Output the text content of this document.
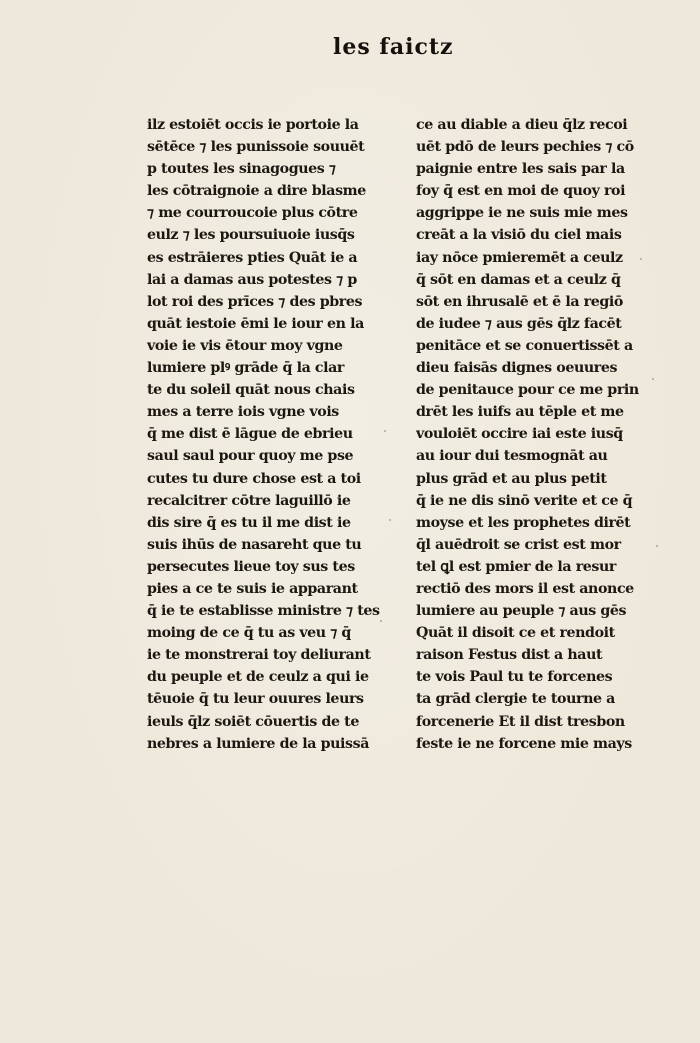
les faictz
ilz estoiēt occis ie portoie la
sētēce ⁊ les punissoie souuēt
p toutes les sinagogues ⁊
les cōtraignoie a dire blasme
⁊ me courroucoie plus cōtre
eulz ⁊ les poursuiuoie iusq̄s
es estrāieres pties Quāt ie a
lai a damas aus potestes ⁊ p
lot roi des prīces ⁊ des pbres
quāt iestoie ēmi le iour en la
voie ie vis ētour moy vgne
lumiere plꝰ grāde q̄ la clar
te du soleil quāt nous chais
mes a terre iois vgne vois
q̄ me dist ē lāgue de ebrieu
saul saul pour quoy me pse
cutes tu dure chose est a toi
recalcitrer cōtre laguillō ie
dis sire q̄ es tu il me dist ie
suis ihūs de nasareht que tu
persecutes lieue toy sus tes
pies a ce te suis ie apparant
q̄ ie te establisse ministre ⁊ tes
moing de ce q̄ tu as veu ⁊ q̄
ie te monstrerai toy deliurant
du peuple et de ceulz a qui ie
tēuoie q̄ tu leur ouures leurs
ieuls q̄lz soiēt cōuertis de te
nebres a lumiere de la puissā
ce au diable a dieu q̄lz recoi
uēt pdō de leurs pechies ⁊ cō
paignie entre les sais par la
foy q̄ est en moi de quoy roi
aggrippe ie ne suis mie mes
creāt a la visiō du ciel mais
iay nōce pmieremēt a ceulz
q̄ sōt en damas et a ceulz q̄
sōt en ihrusalē et ē la regiō
de iudee ⁊ aus gēs q̄lz facēt
penitāce et se conuertissēt a
dieu faisās dignes oeuures
de penitauce pour ce me prin
drēt les iuifs au tēple et me
vouloiēt occire iai este iusq̄
au iour dui tesmognāt au
plus grād et au plus petit
q̄ ie ne dis sinō verite et ce q̄
moyse et les prophetes dirēt
q̄l auēdroit se crist est mor
tel ꝗl est pmier de la resur
rectiō des mors il est anonce
lumiere au peuple ⁊ aus gēs
Quāt il disoit ce et rendoit
raison Festus dist a haut
te vois Paul tu te forcenes
ta grād clergie te tourne a
forcenerie Et il dist tresbon
feste ie ne forcene mie mays
